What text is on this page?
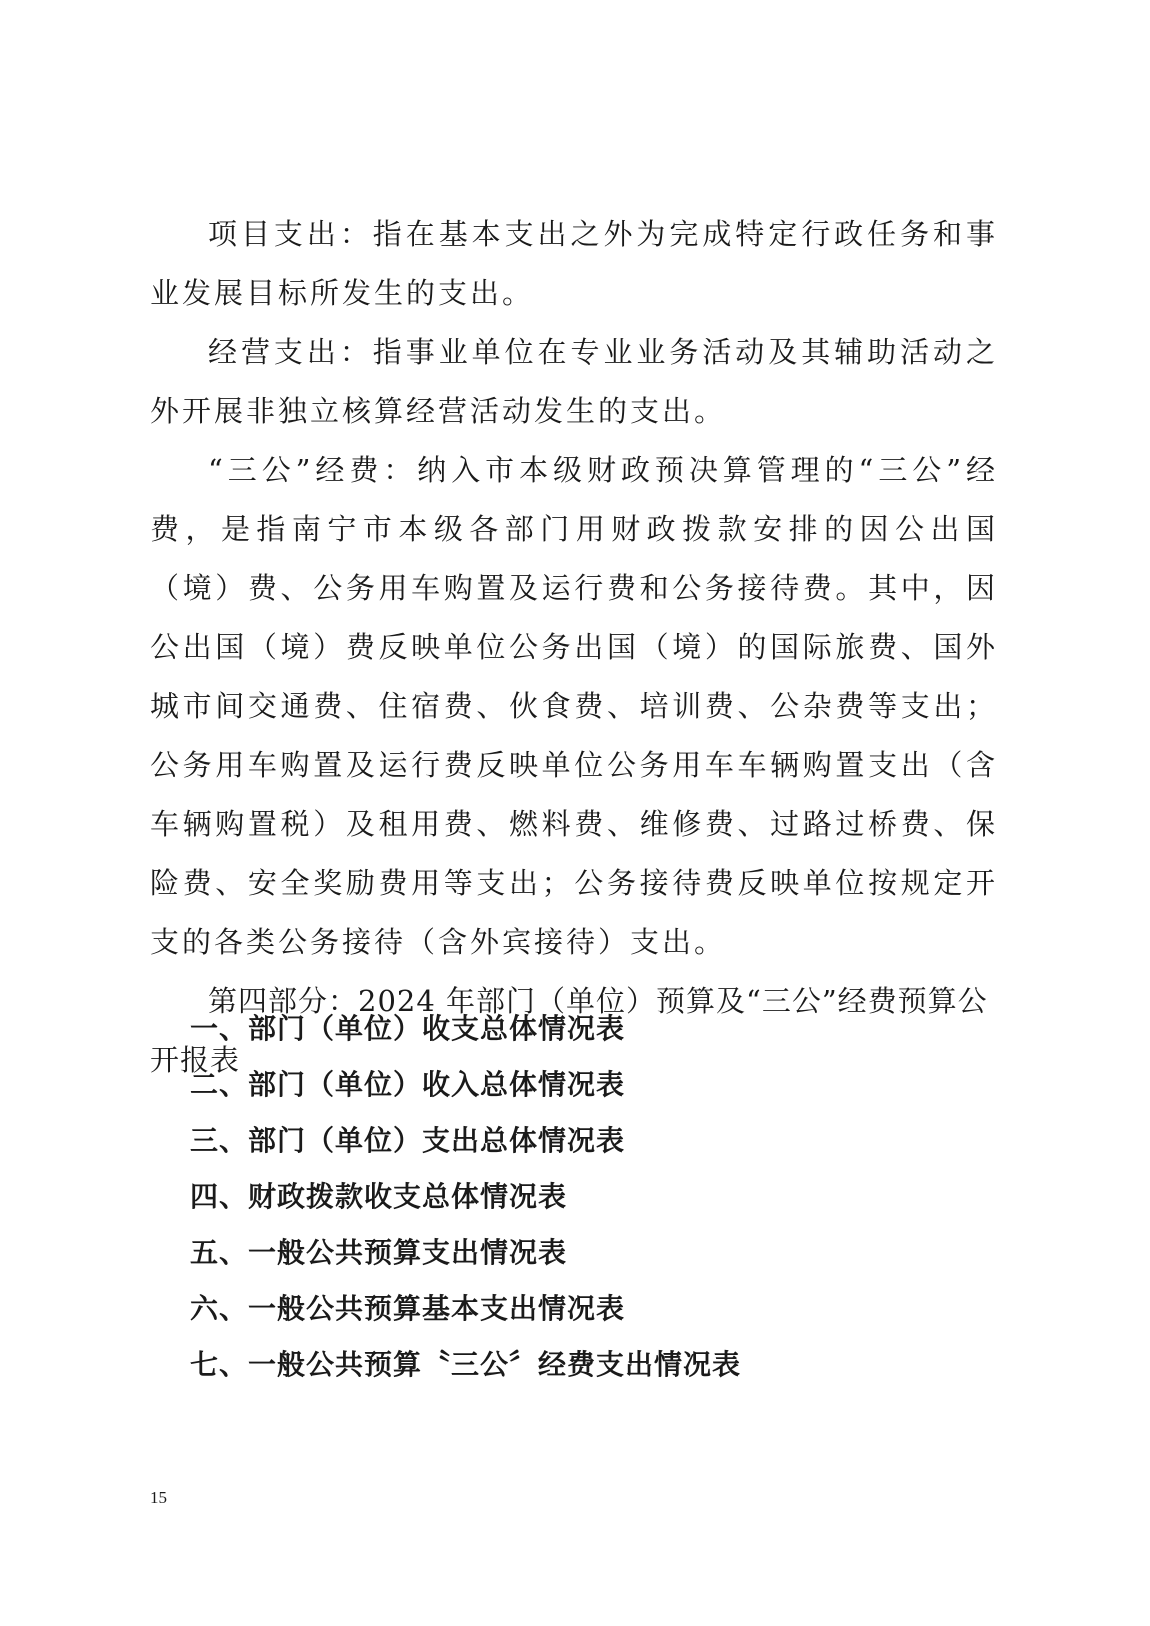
项目支出：指在基本支出之外为完成特定行政任务和事业发展目标所发生的支出。

经营支出：指事业单位在专业业务活动及其辅助活动之外开展非独立核算经营活动发生的支出。

“三公”经费：纳入市本级财政预决算管理的“三公”经费，是指南宁市本级各部门用财政拨款安排的因公出国（境）费、公务用车购置及运行费和公务接待费。其中，因公出国（境）费反映单位公务出国（境）的国际旅费、国外城市间交通费、住宿费、伙食费、培训费、公杂费等支出；公务用车购置及运行费反映单位公务用车车辆购置支出（含车辆购置税）及租用费、燃料费、维修费、过路过桥费、保险费、安全奖励费用等支出；公务接待费反映单位按规定开支的各类公务接待（含外宾接待）支出。

第四部分：2024 年部门（单位）预算及“三公”经费预算公开报表

一、部门（单位）收支总体情况表
二、部门（单位）收入总体情况表
三、部门（单位）支出总体情况表
四、财政拨款收支总体情况表
五、一般公共预算支出情况表
六、一般公共预算基本支出情况表
七、一般公共预算〝三公〞经费支出情况表
15
